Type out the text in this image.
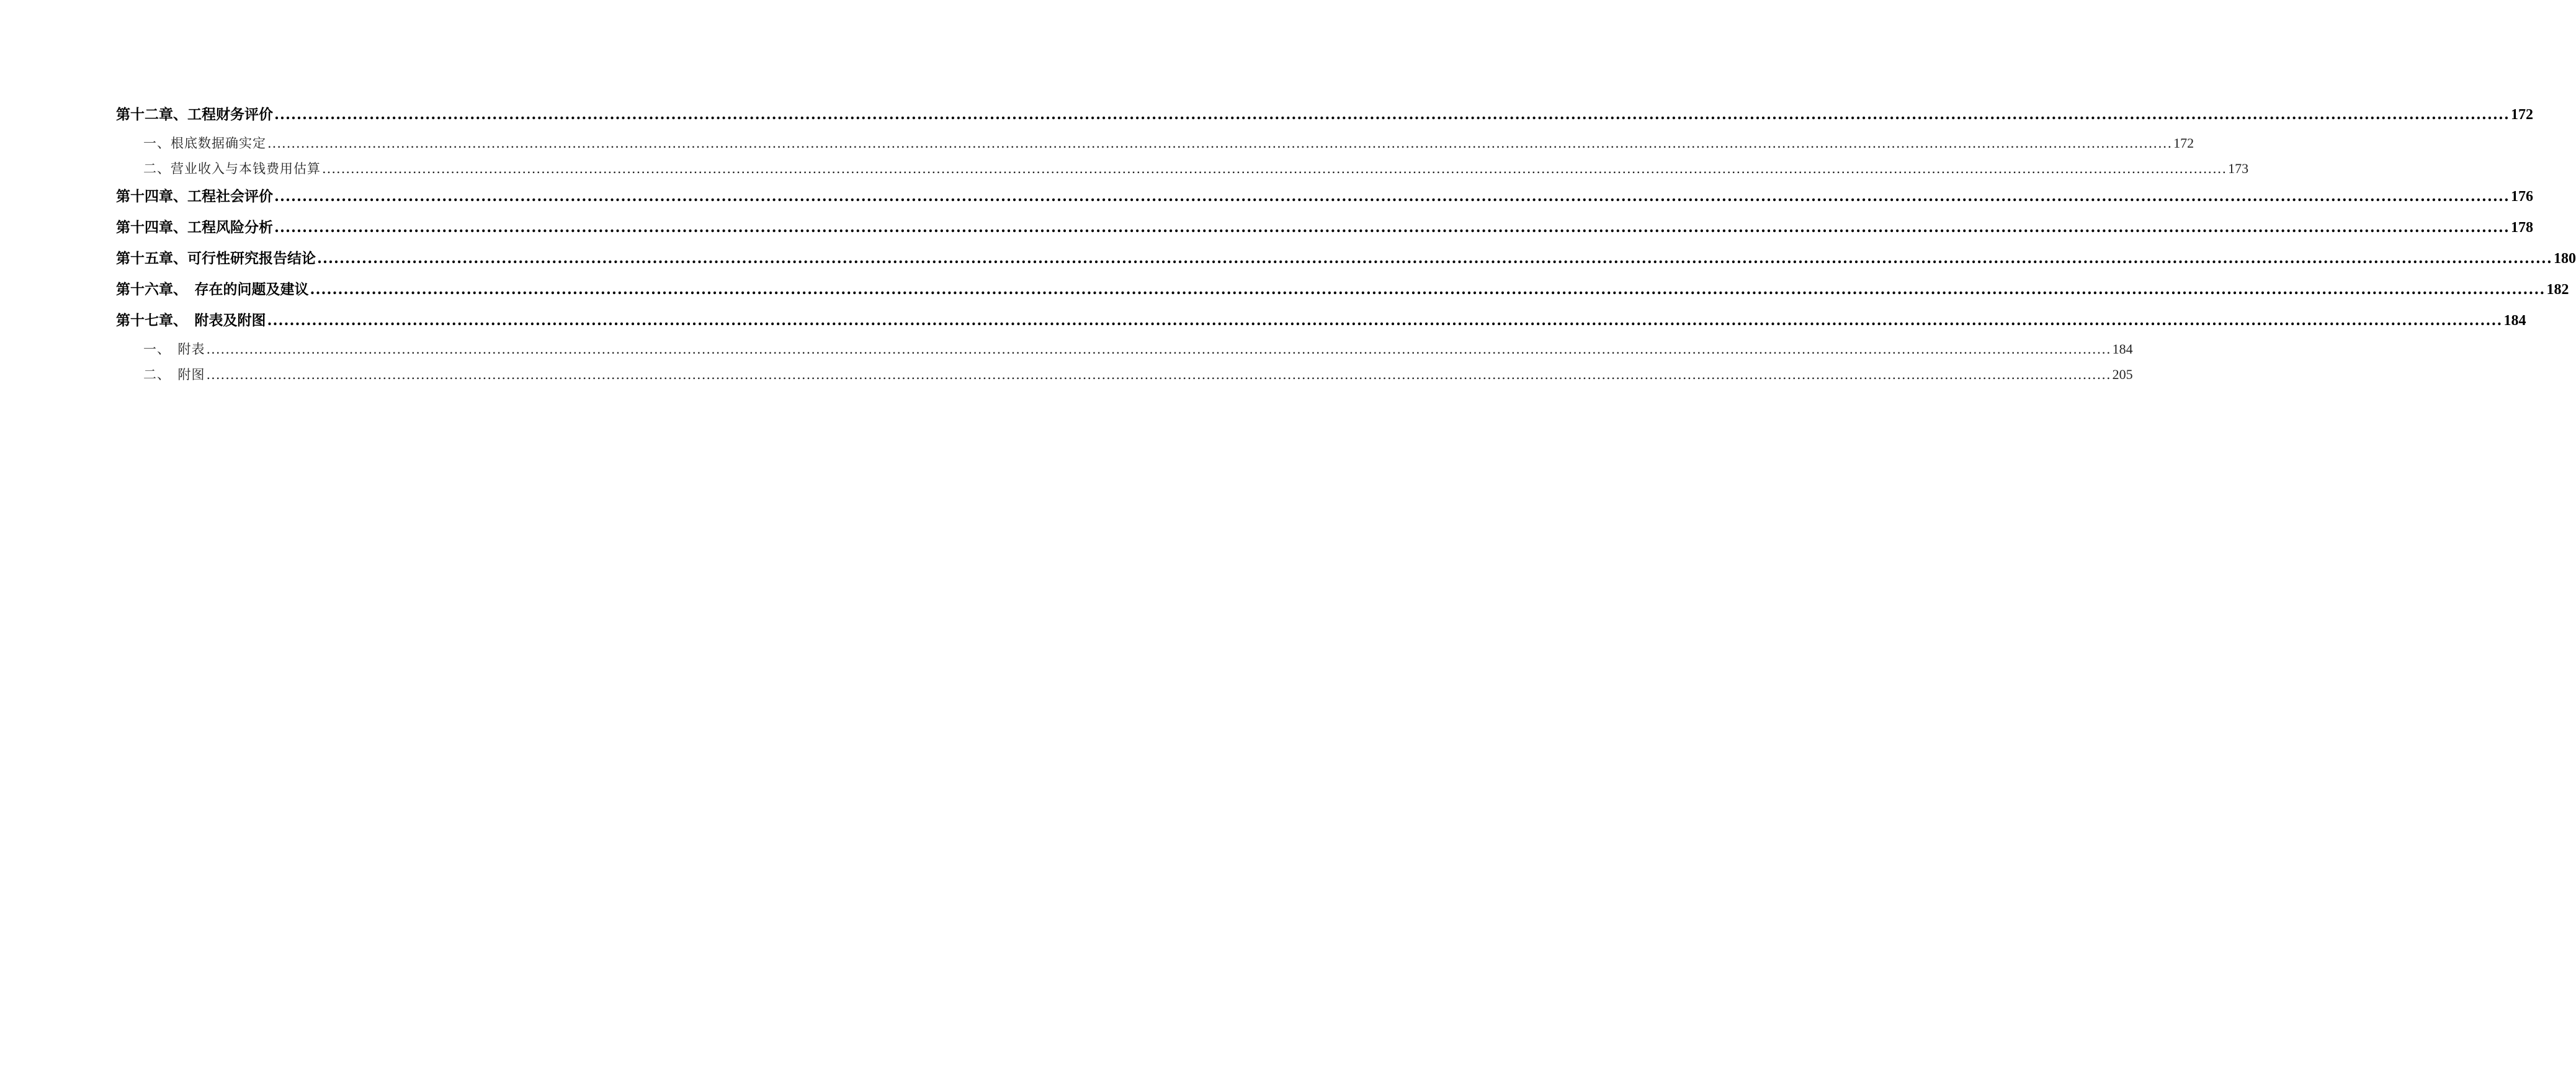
第十二章、工程财务评价 ................................................................................................................................................................................................................................................................................................................................................................................................................ 172
一、根底数据确实定 ................................................................................................................................................................................................................................................................................................................................................................................................................ 172
二、营业收入与本钱费用估算 ................................................................................................................................................................................................................................................................................................................................................................................................................ 173
第十四章、工程社会评价 ................................................................................................................................................................................................................................................................................................................................................................................................................ 176
第十四章、工程风险分析 ................................................................................................................................................................................................................................................................................................................................................................................................................ 178
第十五章、可行性研究报告结论 ................................................................................................................................................................................................................................................................................................................................................................................................................ 180
第十六章、　存在的问题及建议 ................................................................................................................................................................................................................................................................................................................................................................................................................ 182
第十七章、　附表及附图 ................................................................................................................................................................................................................................................................................................................................................................................................................ 184
一、　附表 ................................................................................................................................................................................................................................................................................................................................................................................................................ 184
二、　附图 ................................................................................................................................................................................................................................................................................................................................................................................................................ 205
